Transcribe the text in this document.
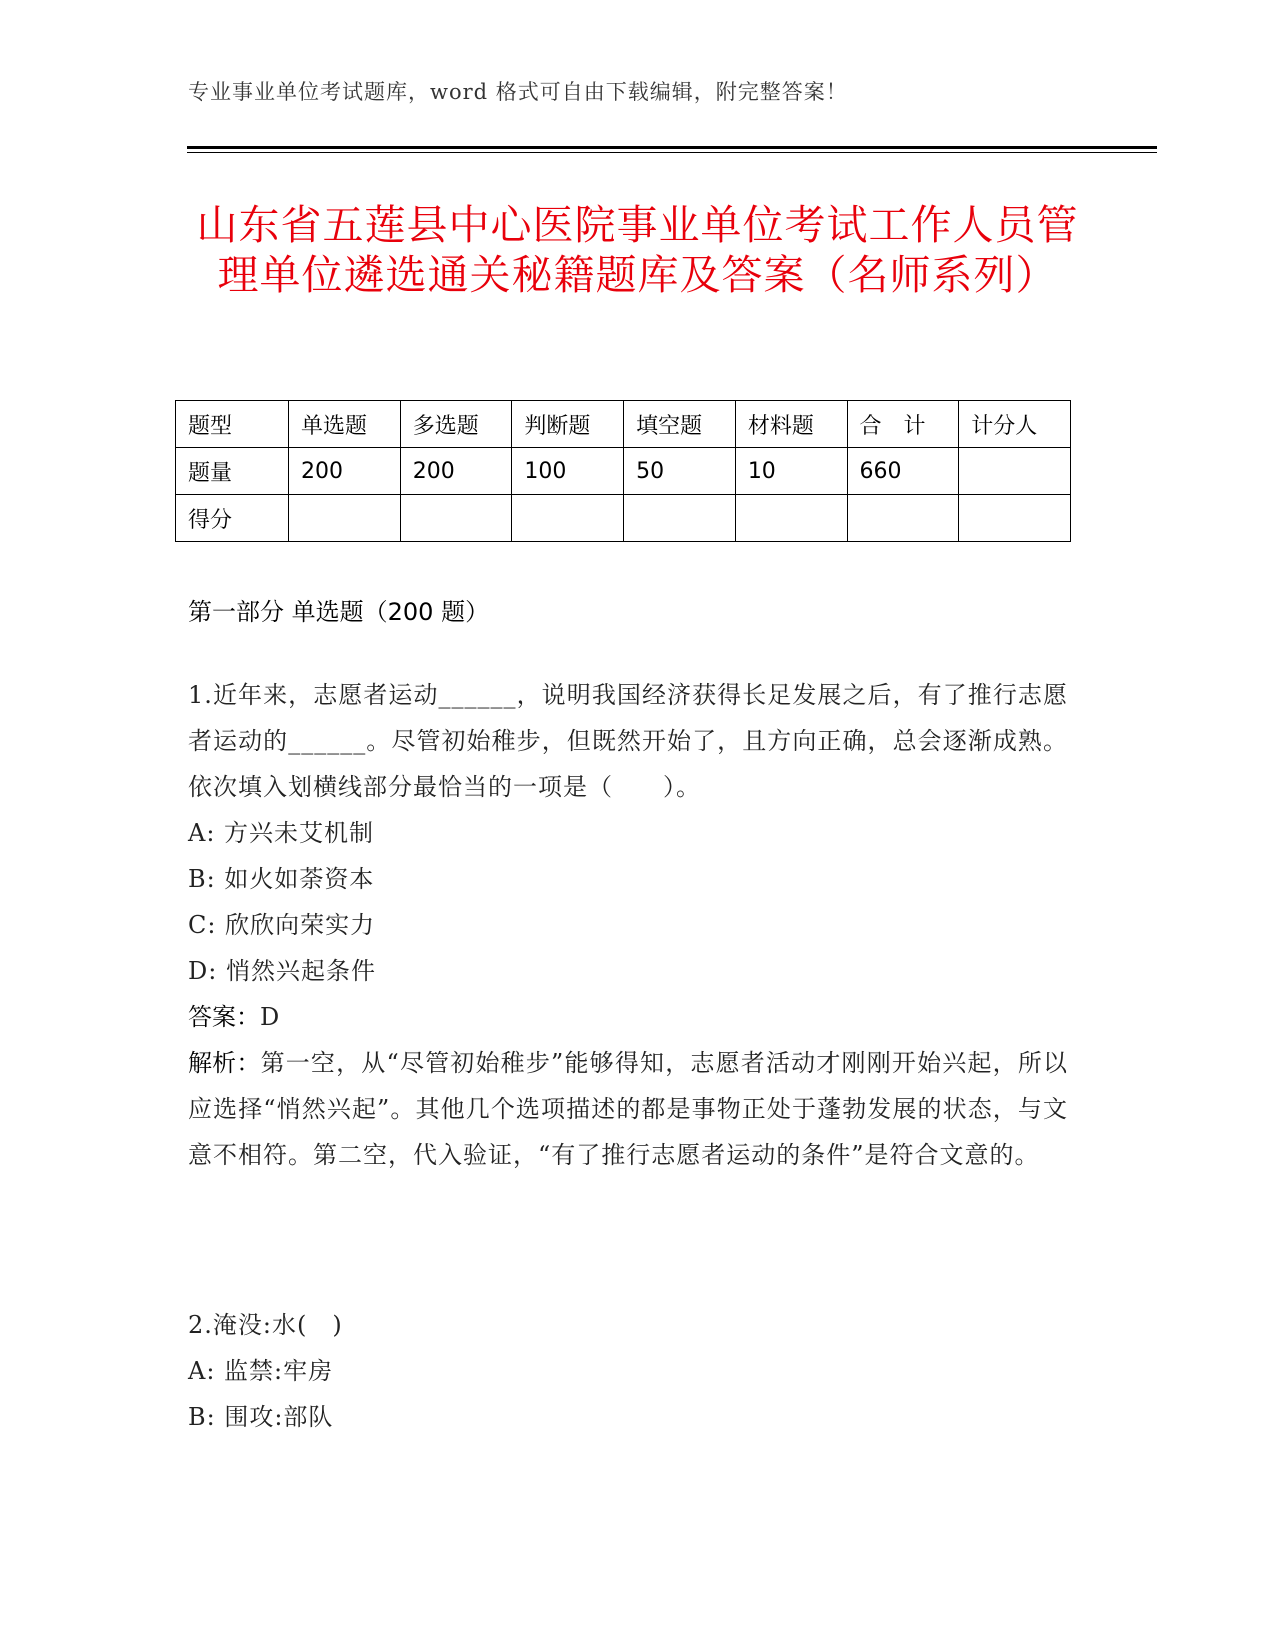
专业事业单位考试题库，word 格式可自由下载编辑，附完整答案！
山东省五莲县中心医院事业单位考试工作人员管理单位遴选通关秘籍题库及答案（名师系列）
题型	单选题	多选题	判断题	填空题	材料题	合　计	计分人
题量	200	200	100	50	10	660	
得分							
第一部分 单选题（200 题）

1.近年来，志愿者运动______，说明我国经济获得长足发展之后，有了推行志愿者运动的______。尽管初始稚步，但既然开始了，且方向正确，总会逐渐成熟。 依次填入划横线部分最恰当的一项是（　　）。

A: 方兴未艾机制

B: 如火如荼资本

C: 欣欣向荣实力

D: 悄然兴起条件

答案：D

解析：第一空，从“尽管初始稚步”能够得知，志愿者活动才刚刚开始兴起，所以应选择“悄然兴起”。其他几个选项描述的都是事物正处于蓬勃发展的状态，与文意不相符。第二空，代入验证，“有了推行志愿者运动的条件”是符合文意的。

2.淹没:水(　)

A: 监禁:牢房

B: 围攻:部队
